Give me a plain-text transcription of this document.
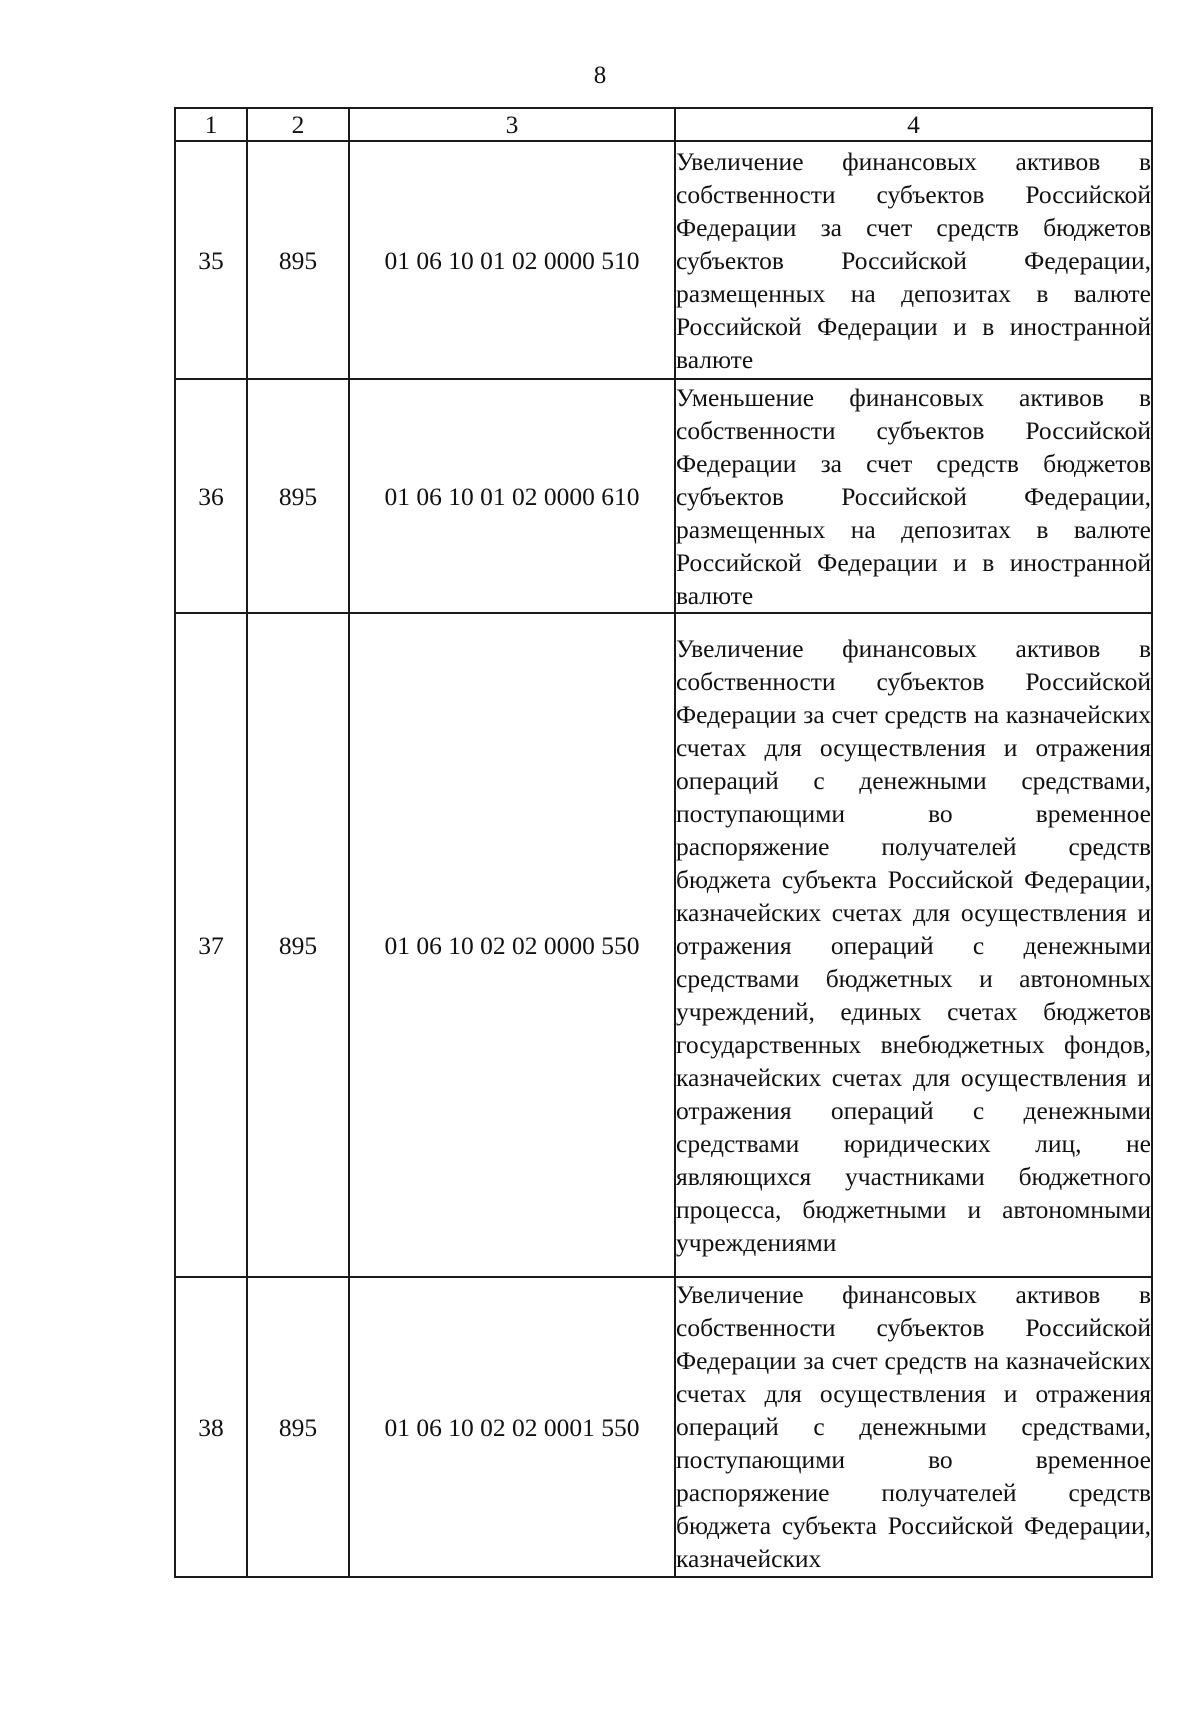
8
1	2	3	4
35	895	01 06 10 01 02 0000 510	Увеличение финансовых активов в собственности субъектов Российской Федерации за счет средств бюджетов субъектов Российской Федерации, размещенных на депозитах в валюте Российской Федерации и в иностранной валюте
36	895	01 06 10 01 02 0000 610	Уменьшение финансовых активов в собственности субъектов Российской Федерации за счет средств бюджетов субъектов Российской Федерации, размещенных на депозитах в валюте Российской Федерации и в иностранной валюте
37	895	01 06 10 02 02 0000 550	Увеличение финансовых активов в собственности субъектов Российской Федерации за счет средств на казначейских счетах для осуществления и отражения операций с денежными средствами, поступающими во временное распоряжение получателей средств бюджета субъекта Российской Федерации, казначейских счетах для осуществления и отражения операций с денежными средствами бюджетных и автономных учреждений, единых счетах бюджетов государственных внебюджетных фондов, казначейских счетах для осуществления и отражения операций с денежными средствами юридических лиц, не являющихся участниками бюджетного процесса, бюджетными и автономными учреждениями
38	895	01 06 10 02 02 0001 550	Увеличение финансовых активов в собственности субъектов Российской Федерации за счет средств на казначейских счетах для осуществления и отражения операций с денежными средствами, поступающими во временное распоряжение получателей средств бюджета субъекта Российской Федерации, казначейских
